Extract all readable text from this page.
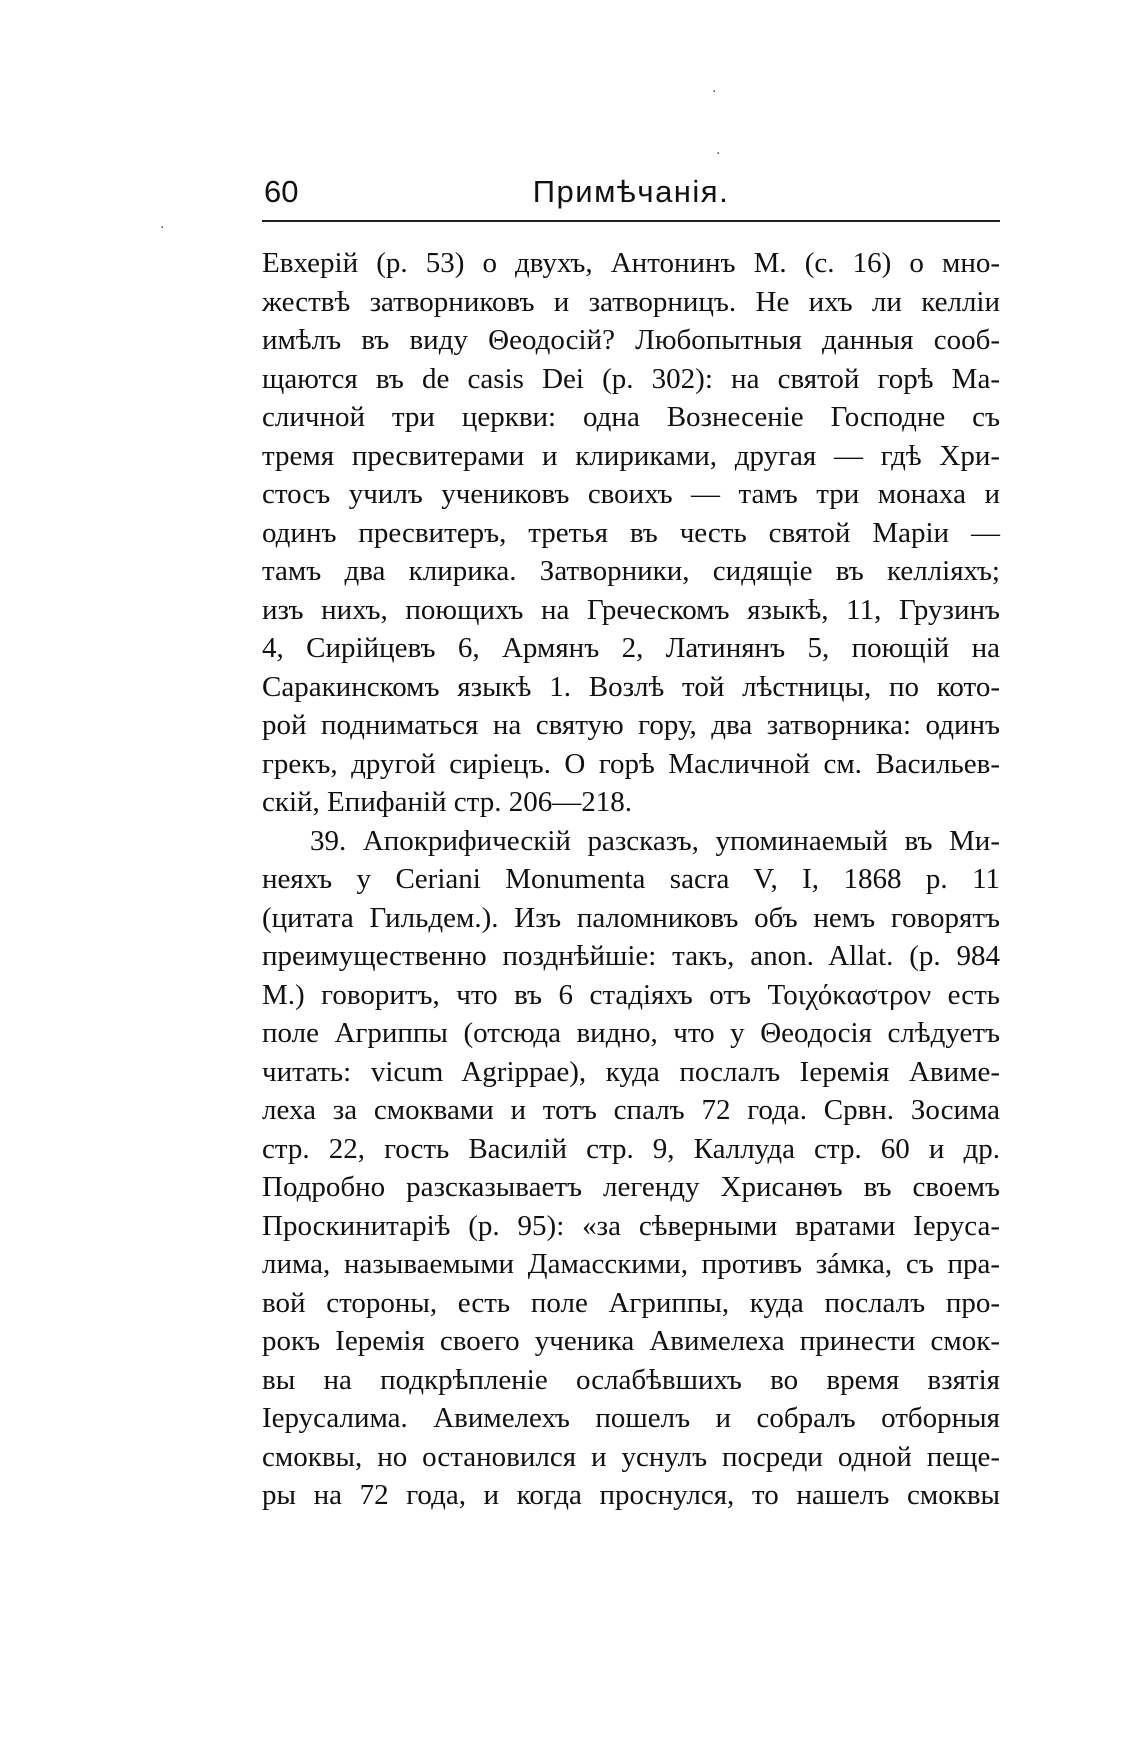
·
·
·
60	Примѣчанія.
Евхерій (р. 53) о двухъ, Антонинъ М. (с. 16) о мно-
жествѣ затворниковъ и затворницъ. Не ихъ ли келліи
имѣлъ въ виду Θеодосій? Любопытныя данныя сооб-
щаются въ de casis Dei (р. 302): на святой горѣ Ма-
сличной три церкви: одна Вознесеніе Господне съ
тремя пресвитерами и клириками, другая — гдѣ Хри-
стосъ училъ учениковъ своихъ — тамъ три монаха и
одинъ пресвитеръ, третья въ честь святой Маріи —
тамъ два клирика. Затворники, сидящіе въ келліяхъ;
изъ нихъ, поющихъ на Греческомъ языкѣ, 11, Грузинъ
4, Сирійцевъ 6, Армянъ 2, Латинянъ 5, поющій на
Саракинскомъ языкѣ 1. Возлѣ той лѣстницы, по кото-
рой подниматься на святую гору, два затворника: одинъ
грекъ, другой сиріецъ. О горѣ Масличной см. Васильев-
скій, Епифаній стр. 206—218.
39. Апокрифическій разсказъ, упоминаемый въ Ми-
неяхъ у Ceriani Monumenta sacra V, I, 1868 р. 11
(цитата Гильдем.). Изъ паломниковъ объ немъ говорятъ
преимущественно позднѣйшіе: такъ, anon. Allat. (р. 984
М.) говоритъ, что въ 6 стадіяхъ отъ Τοιχόκαστρον есть
поле Агриппы (отсюда видно, что у Θеодосія слѣдуетъ
читать: vicum Agrippae), куда послалъ Іеремія Авиме-
леха за смоквами и тотъ спалъ 72 года. Срвн. Зосима
стр. 22, гость Василій стр. 9, Каллуда стр. 60 и др.
Подробно разсказываетъ легенду Хрисанѳъ въ своемъ
Проскинитаріѣ (р. 95): «за сѣверными вратами Іеруса-
лима, называемыми Дамасскими, противъ зáмка, съ пра-
вой стороны, есть поле Агриппы, куда послалъ про-
рокъ Іеремія своего ученика Авимелеха принести смок-
вы на подкрѣпленіе ослабѣвшихъ во время взятія
Іерусалима. Авимелехъ пошелъ и собралъ отборныя
смоквы, но остановился и уснулъ посреди одной пеще-
ры на 72 года, и когда проснулся, то нашелъ смоквы
